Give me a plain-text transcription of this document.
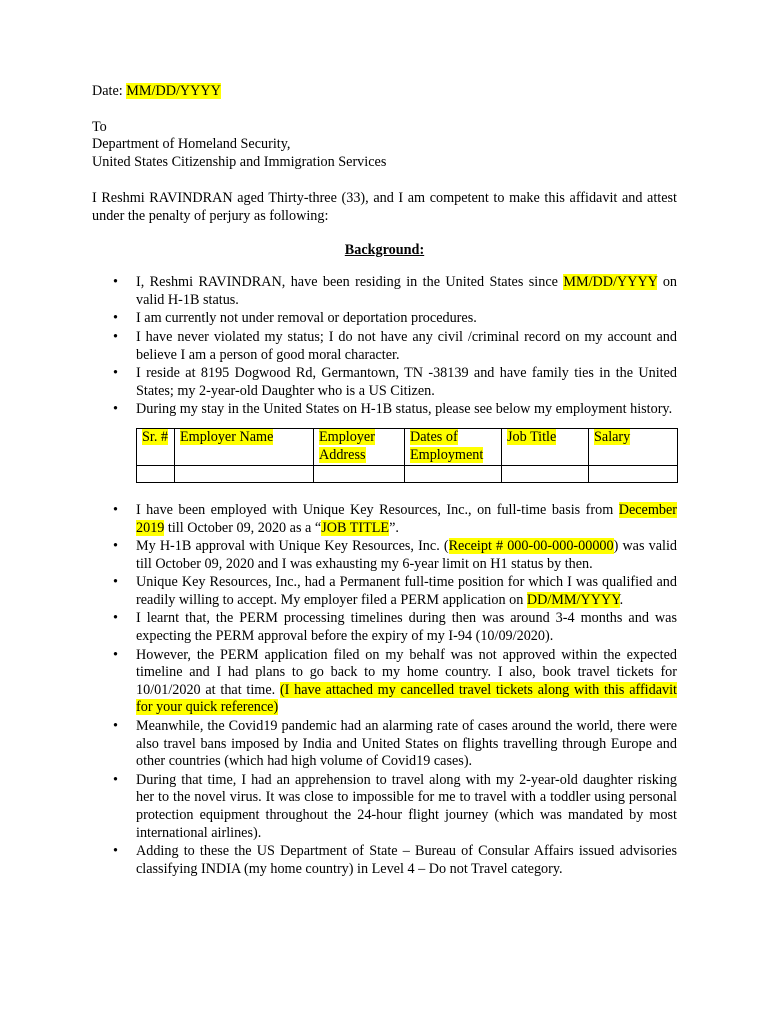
Date: MM/DD/YYYY

To

Department of Homeland Security,

United States Citizenship and Immigration Services

I Reshmi RAVINDRAN aged Thirty-three (33), and I am competent to make this affidavit and attest under the penalty of perjury as following:

Background:

• I, Reshmi RAVINDRAN, have been residing in the United States since MM/DD/YYYY on valid H-1B status.
• I am currently not under removal or deportation procedures.
• I have never violated my status; I do not have any civil /criminal record on my account and believe I am a person of good moral character.
• I reside at 8195 Dogwood Rd, Germantown, TN -38139 and have family ties in the United States; my 2-year-old Daughter who is a US Citizen.
• During my stay in the United States on H-1B status, please see below my employment history.
Sr. #	Employer Name	Employer Address	Dates of Employment	Job Title	Salary

• I have been employed with Unique Key Resources, Inc., on full-time basis from December 2019 till October 09, 2020 as a “JOB TITLE”.
• My H-1B approval with Unique Key Resources, Inc. (Receipt # 000-00-000-00000) was valid till October 09, 2020 and I was exhausting my 6-year limit on H1 status by then.
• Unique Key Resources, Inc., had a Permanent full-time position for which I was qualified and readily willing to accept. My employer filed a PERM application on DD/MM/YYYY.
• I learnt that, the PERM processing timelines during then was around 3-4 months and was expecting the PERM approval before the expiry of my I-94 (10/09/2020).
• However, the PERM application filed on my behalf was not approved within the expected timeline and I had plans to go back to my home country. I also, book travel tickets for 10/01/2020 at that time. (I have attached my cancelled travel tickets along with this affidavit for your quick reference)
• Meanwhile, the Covid19 pandemic had an alarming rate of cases around the world, there were also travel bans imposed by India and United States on flights travelling through Europe and other countries (which had high volume of Covid19 cases).
• During that time, I had an apprehension to travel along with my 2-year-old daughter risking her to the novel virus. It was close to impossible for me to travel with a toddler using personal protection equipment throughout the 24-hour flight journey (which was mandated by most international airlines).
• Adding to these the US Department of State – Bureau of Consular Affairs issued advisories classifying INDIA (my home country) in Level 4 – Do not Travel category.
